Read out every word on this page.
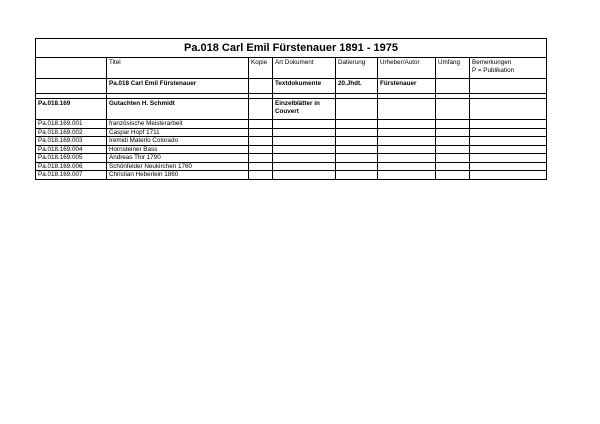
Pa.018 Carl Emil Fürstenauer 1891 - 1975							
	Titel	Kopie	Art Dokument	Datierung	Urheber/Autor	Umfang	Bemerkungen
P = Publikation
	Pa.018 Carl Emil Fürstenauer		Textdokumente	20.Jhdt.	Fürstenauer		

Pa.018.169	Gutachten H. Schmidt		Einzelblätter in
Couvert				
Pa.018.169.001	französische Meisterarbeit						
Pa.018.169.002	Caspar Hopf 1711						
Pa.018.169.003	Iremidi Materlo Colorado						
Pa.018.169.004	Hornsteiner Bass						
Pa.018.169.005	Andreas Thir 1790						
Pa.018.169.006	Schönfelder Neukirchen 1760						
Pa.018.169.007	Christian Heberlein 1860						
